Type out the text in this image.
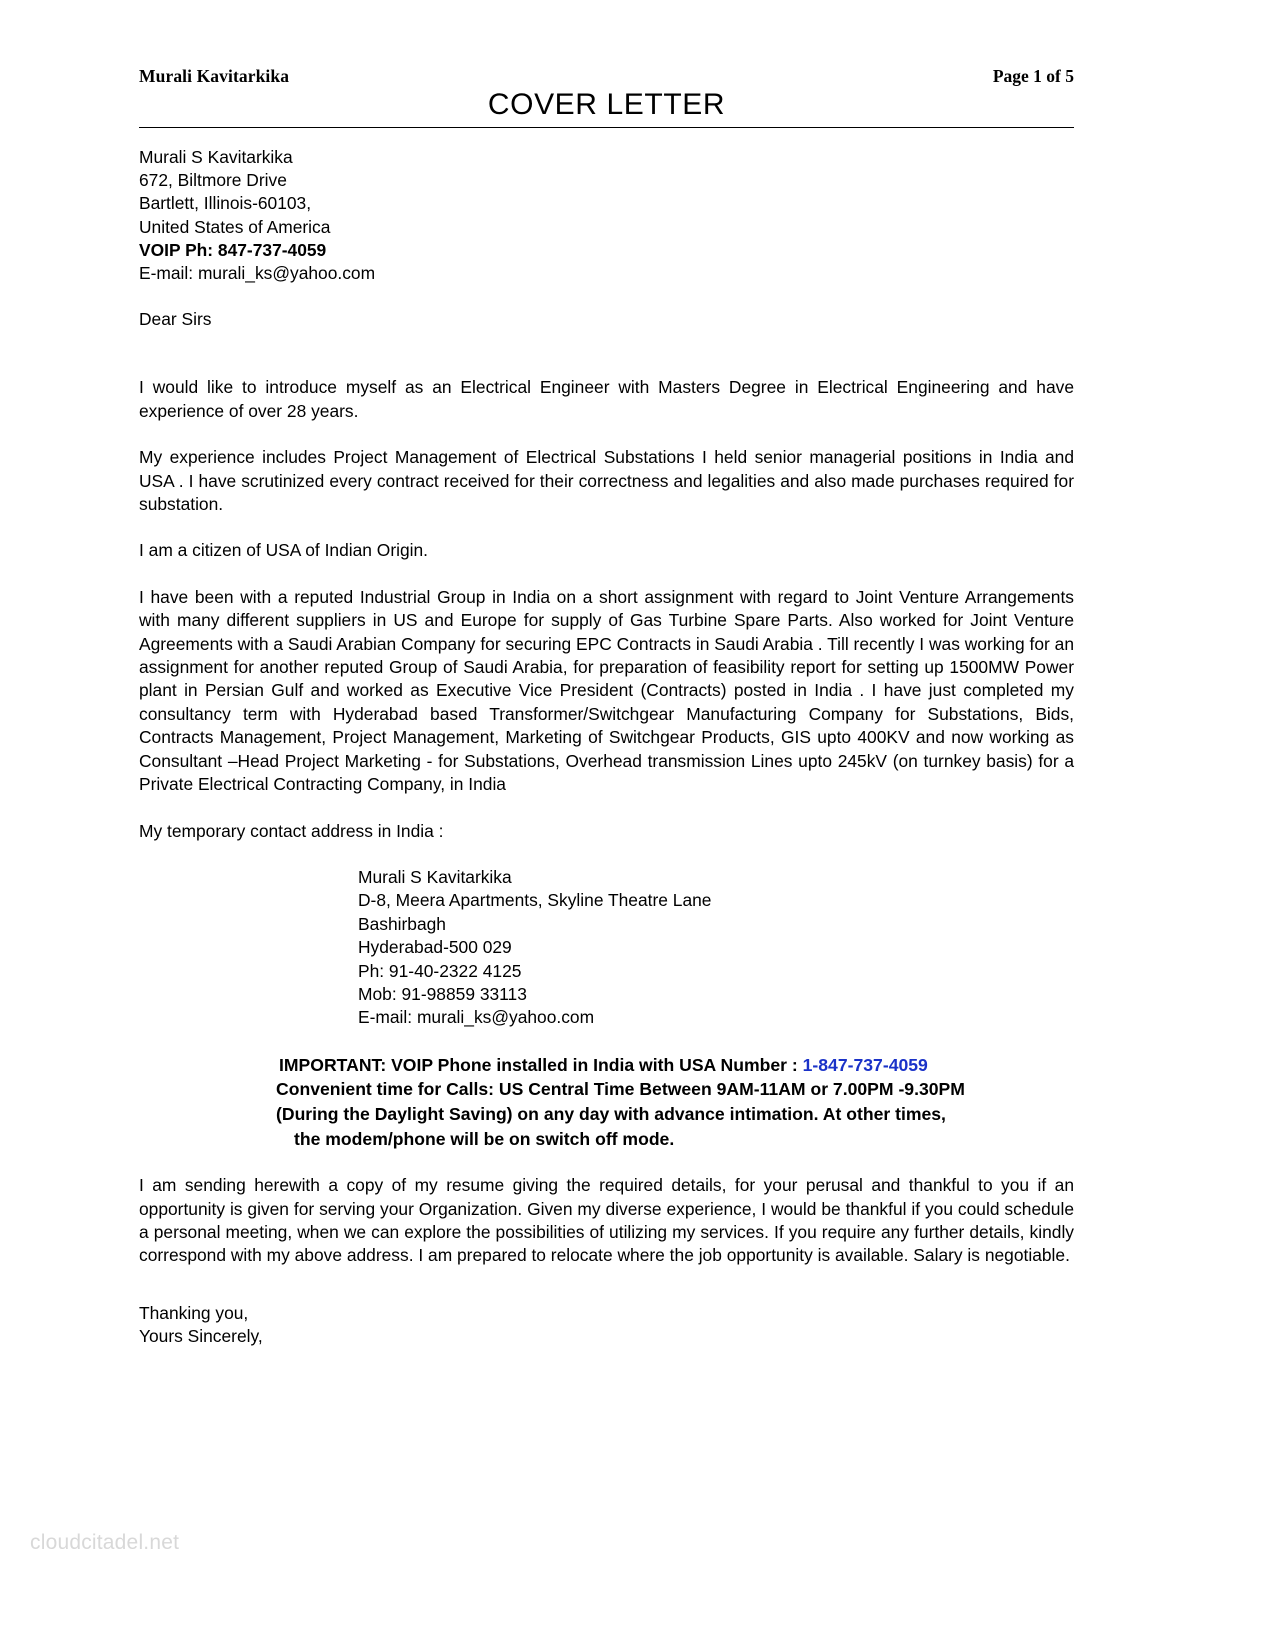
Murali Kavitarkika	Page 1 of 5
COVER LETTER
Murali S Kavitarkika
672, Biltmore Drive
Bartlett, Illinois-60103,
United States of America
VOIP Ph: 847-737-4059
E-mail: murali_ks@yahoo.com
Dear Sirs

I would like to introduce myself as an Electrical Engineer with Masters Degree in Electrical Engineering and have experience of over 28 years.

My experience includes Project Management of Electrical Substations I held senior managerial positions in India and USA . I have scrutinized every contract received for their correctness and legalities and also made purchases required for substation.

I am a citizen of USA of Indian Origin.

I have been with a reputed Industrial Group in India on a short assignment with regard to Joint Venture Arrangements with many different suppliers in US and Europe for supply of Gas Turbine Spare Parts. Also worked for Joint Venture Agreements with a Saudi Arabian Company for securing EPC Contracts in Saudi Arabia . Till recently I was working for an assignment for another reputed Group of Saudi Arabia, for preparation of feasibility report for setting up 1500MW Power plant in Persian Gulf and worked as Executive Vice President (Contracts) posted in India . I have just completed my consultancy term with Hyderabad based Transformer/Switchgear Manufacturing Company for Substations, Bids, Contracts Management, Project Management, Marketing of Switchgear Products, GIS upto 400KV and now working as Consultant –Head Project Marketing - for Substations, Overhead transmission Lines upto 245kV (on turnkey basis) for a Private Electrical Contracting Company, in India

My temporary contact address in India :

Murali S Kavitarkika
D-8, Meera Apartments, Skyline Theatre Lane
Bashirbagh
Hyderabad-500 029
Ph: 91-40-2322 4125
Mob: 91-98859 33113
E-mail: murali_ks@yahoo.com
IMPORTANT: VOIP Phone installed in India with USA Number : 1-847-737-4059
Convenient time for Calls: US Central Time Between 9AM-11AM or 7.00PM -9.30PM
(During the Daylight Saving) on any day with advance intimation. At other times,
the modem/phone will be on switch off mode.

I am sending herewith a copy of my resume giving the required details, for your perusal and thankful to you if an opportunity is given for serving your Organization. Given my diverse experience, I would be thankful if you could schedule a personal meeting, when we can explore the possibilities of utilizing my services. If you require any further details, kindly correspond with my above address. I am prepared to relocate where the job opportunity is available. Salary is negotiable.

Thanking you,
Yours Sincerely,
cloudcitadel.net
